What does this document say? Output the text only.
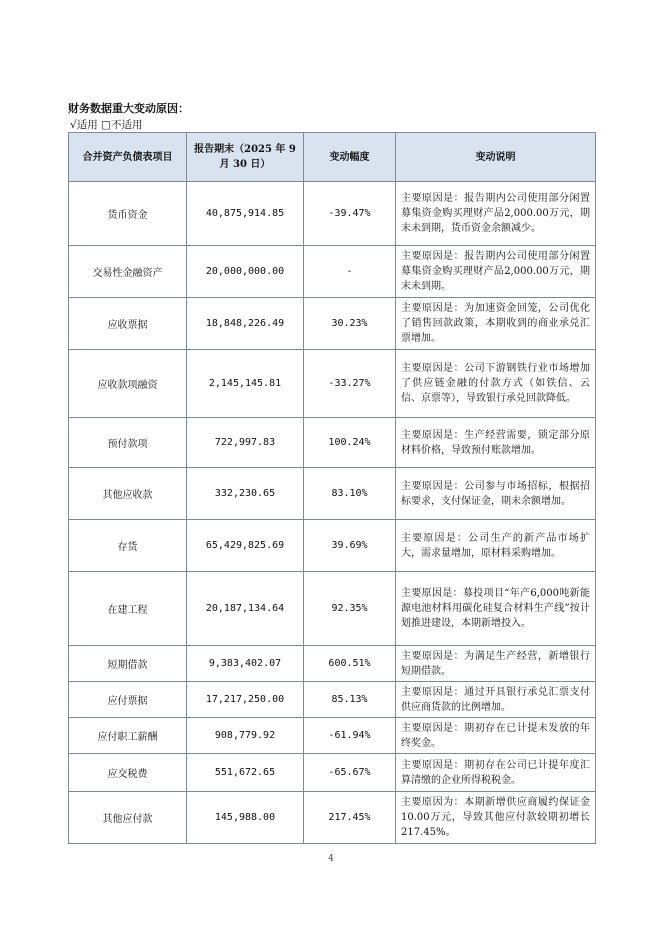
财务数据重大变动原因：
√适用 □不适用
合并资产负债表项目	报告期末（2025 年 9 月 30 日）	变动幅度	变动说明
货币资金	40,875,914.85	-39.47%	主要原因是：报告期内公司使用部分闲置募集资金购买理财产品2,000.00万元，期末未到期，货币资金余额减少。
交易性金融资产	20,000,000.00	-	主要原因是：报告期内公司使用部分闲置募集资金购买理财产品2,000.00万元，期末未到期。
应收票据	18,848,226.49	30.23%	主要原因是：为加速资金回笼，公司优化了销售回款政策，本期收到的商业承兑汇票增加。
应收款项融资	2,145,145.81	-33.27%	主要原因是：公司下游钢铁行业市场增加了供应链金融的付款方式（如铁信、云信、京票等），导致银行承兑回款降低。
预付款项	722,997.83	100.24%	主要原因是：生产经营需要，锁定部分原材料价格，导致预付账款增加。
其他应收款	332,230.65	83.10%	主要原因是：公司参与市场招标，根据招标要求，支付保证金，期末余额增加。
存货	65,429,825.69	39.69%	主要原因是：公司生产的新产品市场扩大，需求量增加，原材料采购增加。
在建工程	20,187,134.64	92.35%	主要原因是：募投项目“年产6,000吨新能源电池材料用碳化硅复合材料生产线”按计划推进建设，本期新增投入。
短期借款	9,383,402.07	600.51%	主要原因是：为满足生产经营，新增银行短期借款。
应付票据	17,217,250.00	85.13%	主要原因是：通过开具银行承兑汇票支付供应商货款的比例增加。
应付职工薪酬	908,779.92	-61.94%	主要原因是：期初存在已计提未发放的年终奖金。
应交税费	551,672.65	-65.67%	主要原因是：期初存在公司已计提年度汇算清缴的企业所得税税金。
其他应付款	145,988.00	217.45%	主要原因为：本期新增供应商履约保证金10.00万元，导致其他应付款较期初增长217.45%。
4
